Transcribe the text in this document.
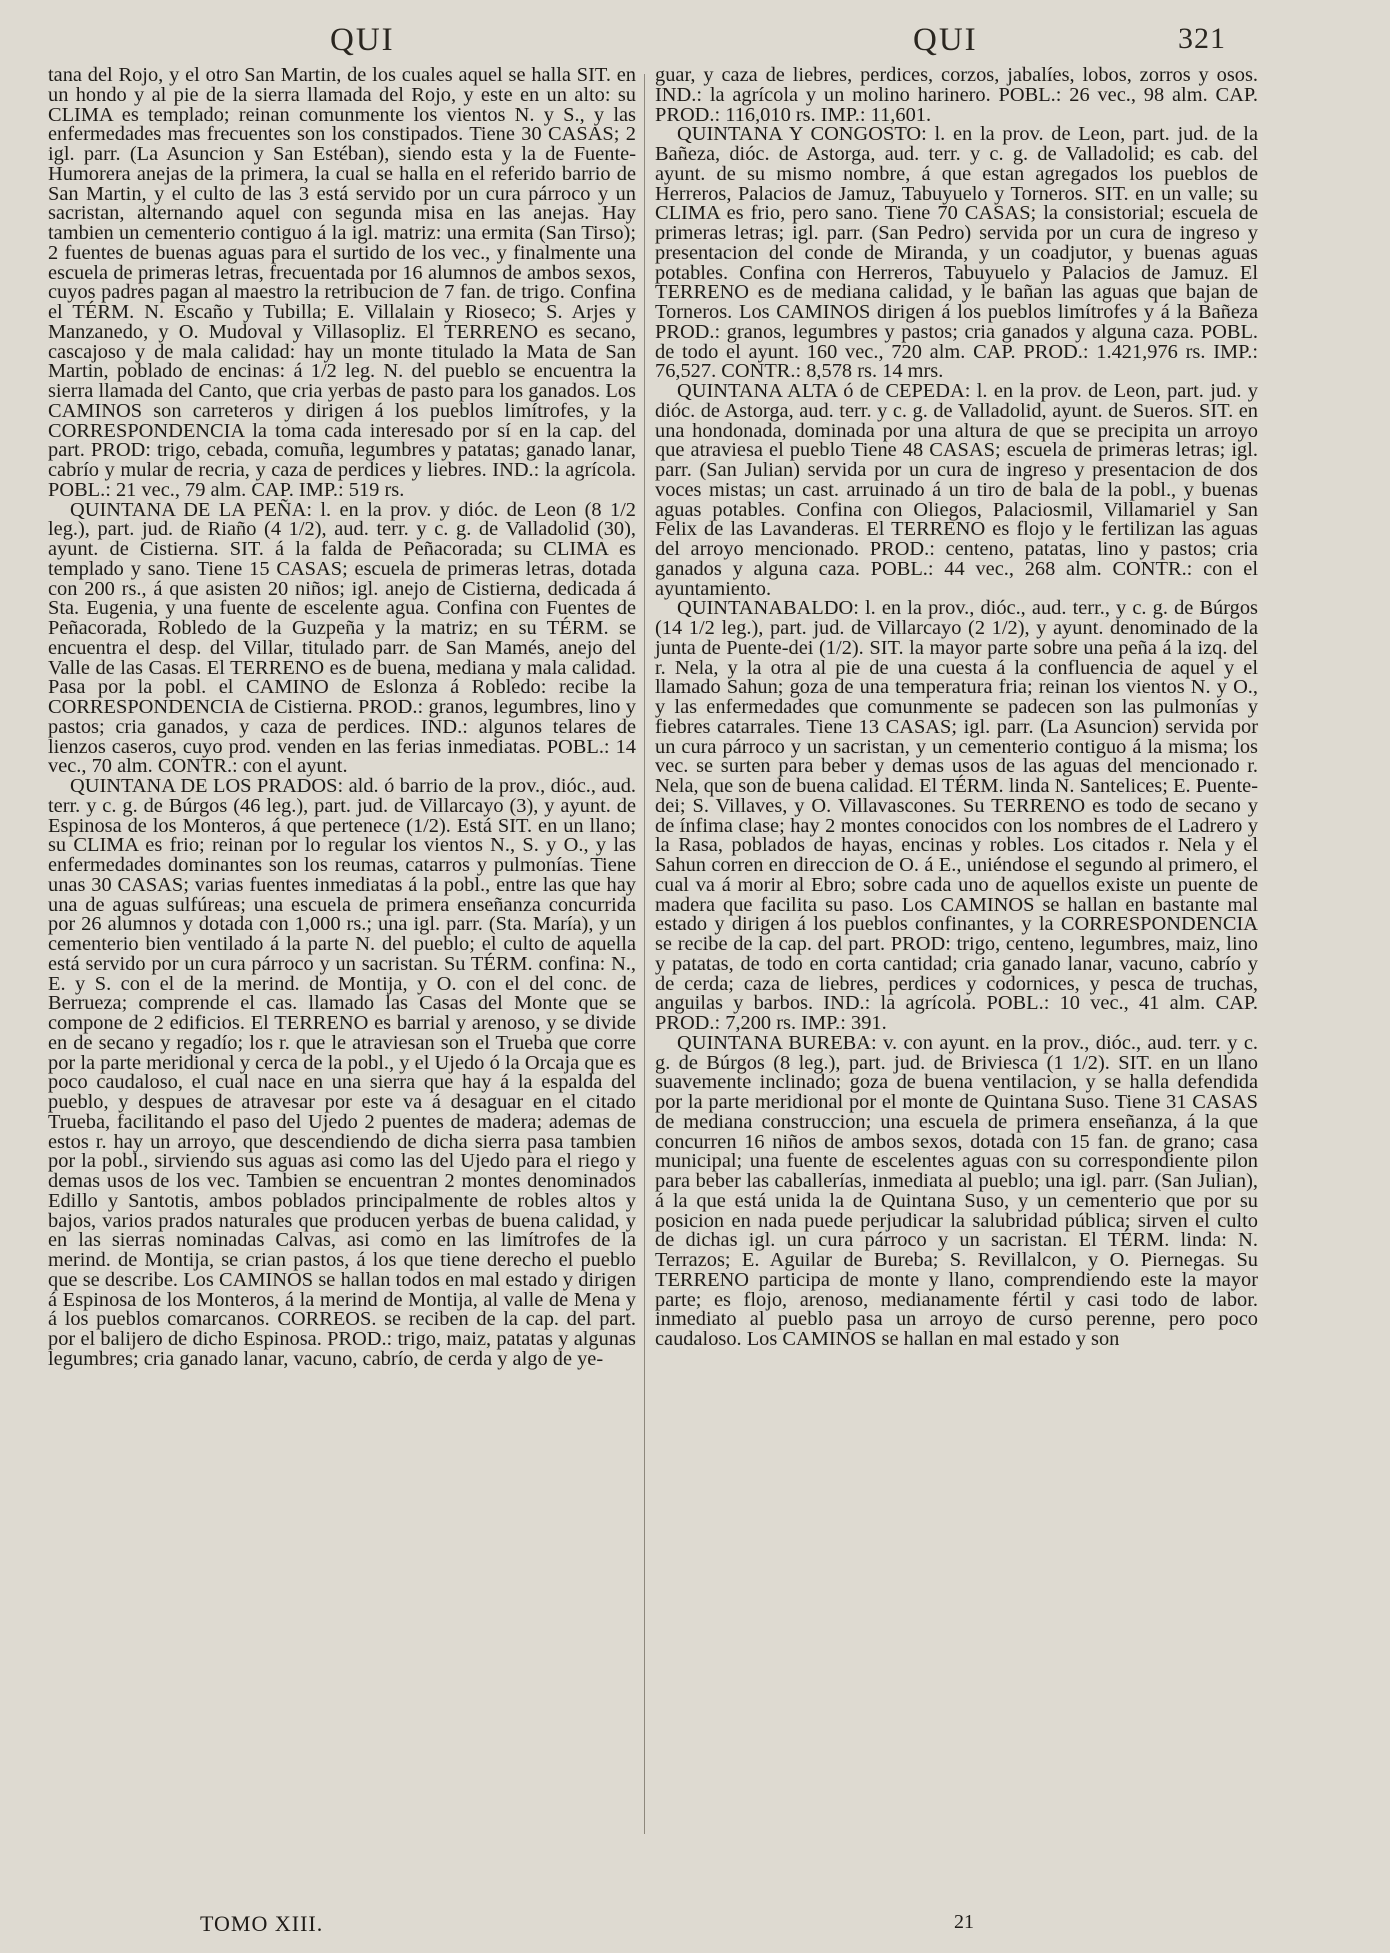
QUI	QUI	321

tana del Rojo, y el otro San Martin, de los cuales aquel se halla SIT. en un hondo y al pie de la sierra llamada del Rojo, y este en un alto: su CLIMA es templado; reinan comunmente los vientos N. y S., y las enfermedades mas frecuentes son los constipados. Tiene 30 CASAS; 2 igl. parr. (La Asuncion y San Estéban), siendo esta y la de Fuente-Humorera anejas de la primera, la cual se halla en el referido barrio de San Martin, y el culto de las 3 está servido por un cura párroco y un sacristan, alternando aquel con segunda misa en las anejas. Hay tambien un cementerio contiguo á la igl. matriz: una ermita (San Tirso); 2 fuentes de buenas aguas para el surtido de los vec., y finalmente una escuela de primeras letras, frecuentada por 16 alumnos de ambos sexos, cuyos padres pagan al maestro la retribucion de 7 fan. de trigo. Confina el TÉRM. N. Escaño y Tubilla; E. Villalain y Rioseco; S. Arjes y Manzanedo, y O. Mudoval y Villasopliz. El TERRENO es secano, cascajoso y de mala calidad: hay un monte titulado la Mata de San Martin, poblado de encinas: á 1/2 leg. N. del pueblo se encuentra la sierra llamada del Canto, que cria yerbas de pasto para los ganados. Los CAMINOS son carreteros y dirigen á los pueblos limítrofes, y la CORRESPONDENCIA la toma cada interesado por sí en la cap. del part. PROD: trigo, cebada, comuña, legumbres y patatas; ganado lanar, cabrío y mular de recria, y caza de perdices y liebres. IND.: la agrícola. POBL.: 21 vec., 79 alm. CAP. IMP.: 519 rs.

QUINTANA DE LA PEÑA: l. en la prov. y dióc. de Leon (8 1/2 leg.), part. jud. de Riaño (4 1/2), aud. terr. y c. g. de Valladolid (30), ayunt. de Cistierna. SIT. á la falda de Peñacorada; su CLIMA es templado y sano. Tiene 15 CASAS; escuela de primeras letras, dotada con 200 rs., á que asisten 20 niños; igl. anejo de Cistierna, dedicada á Sta. Eugenia, y una fuente de escelente agua. Confina con Fuentes de Peñacorada, Robledo de la Guzpeña y la matriz; en su TÉRM. se encuentra el desp. del Villar, titulado parr. de San Mamés, anejo del Valle de las Casas. El TERRENO es de buena, mediana y mala calidad. Pasa por la pobl. el CAMINO de Eslonza á Robledo: recibe la CORRESPONDENCIA de Cistierna. PROD.: granos, legumbres, lino y pastos; cria ganados, y caza de perdices. IND.: algunos telares de lienzos caseros, cuyo prod. venden en las ferias inmediatas. POBL.: 14 vec., 70 alm. CONTR.: con el ayunt.

QUINTANA DE LOS PRADOS: ald. ó barrio de la prov., dióc., aud. terr. y c. g. de Búrgos (46 leg.), part. jud. de Villarcayo (3), y ayunt. de Espinosa de los Monteros, á que pertenece (1/2). Está SIT. en un llano; su CLIMA es frio; reinan por lo regular los vientos N., S. y O., y las enfermedades dominantes son los reumas, catarros y pulmonías. Tiene unas 30 CASAS; varias fuentes inmediatas á la pobl., entre las que hay una de aguas sulfúreas; una escuela de primera enseñanza concurrida por 26 alumnos y dotada con 1,000 rs.; una igl. parr. (Sta. María), y un cementerio bien ventilado á la parte N. del pueblo; el culto de aquella está servido por un cura párroco y un sacristan. Su TÉRM. confina: N., E. y S. con el de la merind. de Montija, y O. con el del conc. de Berrueza; comprende el cas. llamado las Casas del Monte que se compone de 2 edificios. El TERRENO es barrial y arenoso, y se divide en de secano y regadío; los r. que le atraviesan son el Trueba que corre por la parte meridional y cerca de la pobl., y el Ujedo ó la Orcaja que es poco caudaloso, el cual nace en una sierra que hay á la espalda del pueblo, y despues de atravesar por este va á desaguar en el citado Trueba, facilitando el paso del Ujedo 2 puentes de madera; ademas de estos r. hay un arroyo, que descendiendo de dicha sierra pasa tambien por la pobl., sirviendo sus aguas asi como las del Ujedo para el riego y demas usos de los vec. Tambien se encuentran 2 montes denominados Edillo y Santotis, ambos poblados principalmente de robles altos y bajos, varios prados naturales que producen yerbas de buena calidad, y en las sierras nominadas Calvas, asi como en las limítrofes de la merind. de Montija, se crian pastos, á los que tiene derecho el pueblo que se describe. Los CAMINOS se hallan todos en mal estado y dirigen á Espinosa de los Monteros, á la merind de Montija, al valle de Mena y á los pueblos comarcanos. CORREOS. se reciben de la cap. del part. por el balijero de dicho Espinosa. PROD.: trigo, maiz, patatas y algunas legumbres; cria ganado lanar, vacuno, cabrío, de cerda y algo de ye-

guar, y caza de liebres, perdices, corzos, jabalíes, lobos, zorros y osos. IND.: la agrícola y un molino harinero. POBL.: 26 vec., 98 alm. CAP. PROD.: 116,010 rs. IMP.: 11,601.

QUINTANA Y CONGOSTO: l. en la prov. de Leon, part. jud. de la Bañeza, dióc. de Astorga, aud. terr. y c. g. de Valladolid; es cab. del ayunt. de su mismo nombre, á que estan agregados los pueblos de Herreros, Palacios de Jamuz, Tabuyuelo y Torneros. SIT. en un valle; su CLIMA es frio, pero sano. Tiene 70 CASAS; la consistorial; escuela de primeras letras; igl. parr. (San Pedro) servida por un cura de ingreso y presentacion del conde de Miranda, y un coadjutor, y buenas aguas potables. Confina con Herreros, Tabuyuelo y Palacios de Jamuz. El TERRENO es de mediana calidad, y le bañan las aguas que bajan de Torneros. Los CAMINOS dirigen á los pueblos limítrofes y á la Bañeza PROD.: granos, legumbres y pastos; cria ganados y alguna caza. POBL. de todo el ayunt. 160 vec., 720 alm. CAP. PROD.: 1.421,976 rs. IMP.: 76,527. CONTR.: 8,578 rs. 14 mrs.

QUINTANA ALTA ó de CEPEDA: l. en la prov. de Leon, part. jud. y dióc. de Astorga, aud. terr. y c. g. de Valladolid, ayunt. de Sueros. SIT. en una hondonada, dominada por una altura de que se precipita un arroyo que atraviesa el pueblo Tiene 48 CASAS; escuela de primeras letras; igl. parr. (San Julian) servida por un cura de ingreso y presentacion de dos voces mistas; un cast. arruinado á un tiro de bala de la pobl., y buenas aguas potables. Confina con Oliegos, Palaciosmil, Villamariel y San Felix de las Lavanderas. El TERRENO es flojo y le fertilizan las aguas del arroyo mencionado. PROD.: centeno, patatas, lino y pastos; cria ganados y alguna caza. POBL.: 44 vec., 268 alm. CONTR.: con el ayuntamiento.

QUINTANABALDO: l. en la prov., dióc., aud. terr., y c. g. de Búrgos (14 1/2 leg.), part. jud. de Villarcayo (2 1/2), y ayunt. denominado de la junta de Puente-dei (1/2). SIT. la mayor parte sobre una peña á la izq. del r. Nela, y la otra al pie de una cuesta á la confluencia de aquel y el llamado Sahun; goza de una temperatura fria; reinan los vientos N. y O., y las enfermedades que comunmente se padecen son las pulmonías y fiebres catarrales. Tiene 13 CASAS; igl. parr. (La Asuncion) servida por un cura párroco y un sacristan, y un cementerio contiguo á la misma; los vec. se surten para beber y demas usos de las aguas del mencionado r. Nela, que son de buena calidad. El TÉRM. linda N. Santelices; E. Puente-dei; S. Villaves, y O. Villavascones. Su TERRENO es todo de secano y de ínfima clase; hay 2 montes conocidos con los nombres de el Ladrero y la Rasa, poblados de hayas, encinas y robles. Los citados r. Nela y el Sahun corren en direccion de O. á E., uniéndose el segundo al primero, el cual va á morir al Ebro; sobre cada uno de aquellos existe un puente de madera que facilita su paso. Los CAMINOS se hallan en bastante mal estado y dirigen á los pueblos confinantes, y la CORRESPONDENCIA se recibe de la cap. del part. PROD: trigo, centeno, legumbres, maiz, lino y patatas, de todo en corta cantidad; cria ganado lanar, vacuno, cabrío y de cerda; caza de liebres, perdices y codornices, y pesca de truchas, anguilas y barbos. IND.: la agrícola. POBL.: 10 vec., 41 alm. CAP. PROD.: 7,200 rs. IMP.: 391.

QUINTANA BUREBA: v. con ayunt. en la prov., dióc., aud. terr. y c. g. de Búrgos (8 leg.), part. jud. de Briviesca (1 1/2). SIT. en un llano suavemente inclinado; goza de buena ventilacion, y se halla defendida por la parte meridional por el monte de Quintana Suso. Tiene 31 CASAS de mediana construccion; una escuela de primera enseñanza, á la que concurren 16 niños de ambos sexos, dotada con 15 fan. de grano; casa municipal; una fuente de escelentes aguas con su correspondiente pilon para beber las caballerías, inmediata al pueblo; una igl. parr. (San Julian), á la que está unida la de Quintana Suso, y un cementerio que por su posicion en nada puede perjudicar la salubridad pública; sirven el culto de dichas igl. un cura párroco y un sacristan. El TÉRM. linda: N. Terrazos; E. Aguilar de Bureba; S. Revillalcon, y O. Piernegas. Su TERRENO participa de monte y llano, comprendiendo este la mayor parte; es flojo, arenoso, medianamente fértil y casi todo de labor. inmediato al pueblo pasa un arroyo de curso perenne, pero poco caudaloso. Los CAMINOS se hallan en mal estado y son

TOMO XIII.	21
